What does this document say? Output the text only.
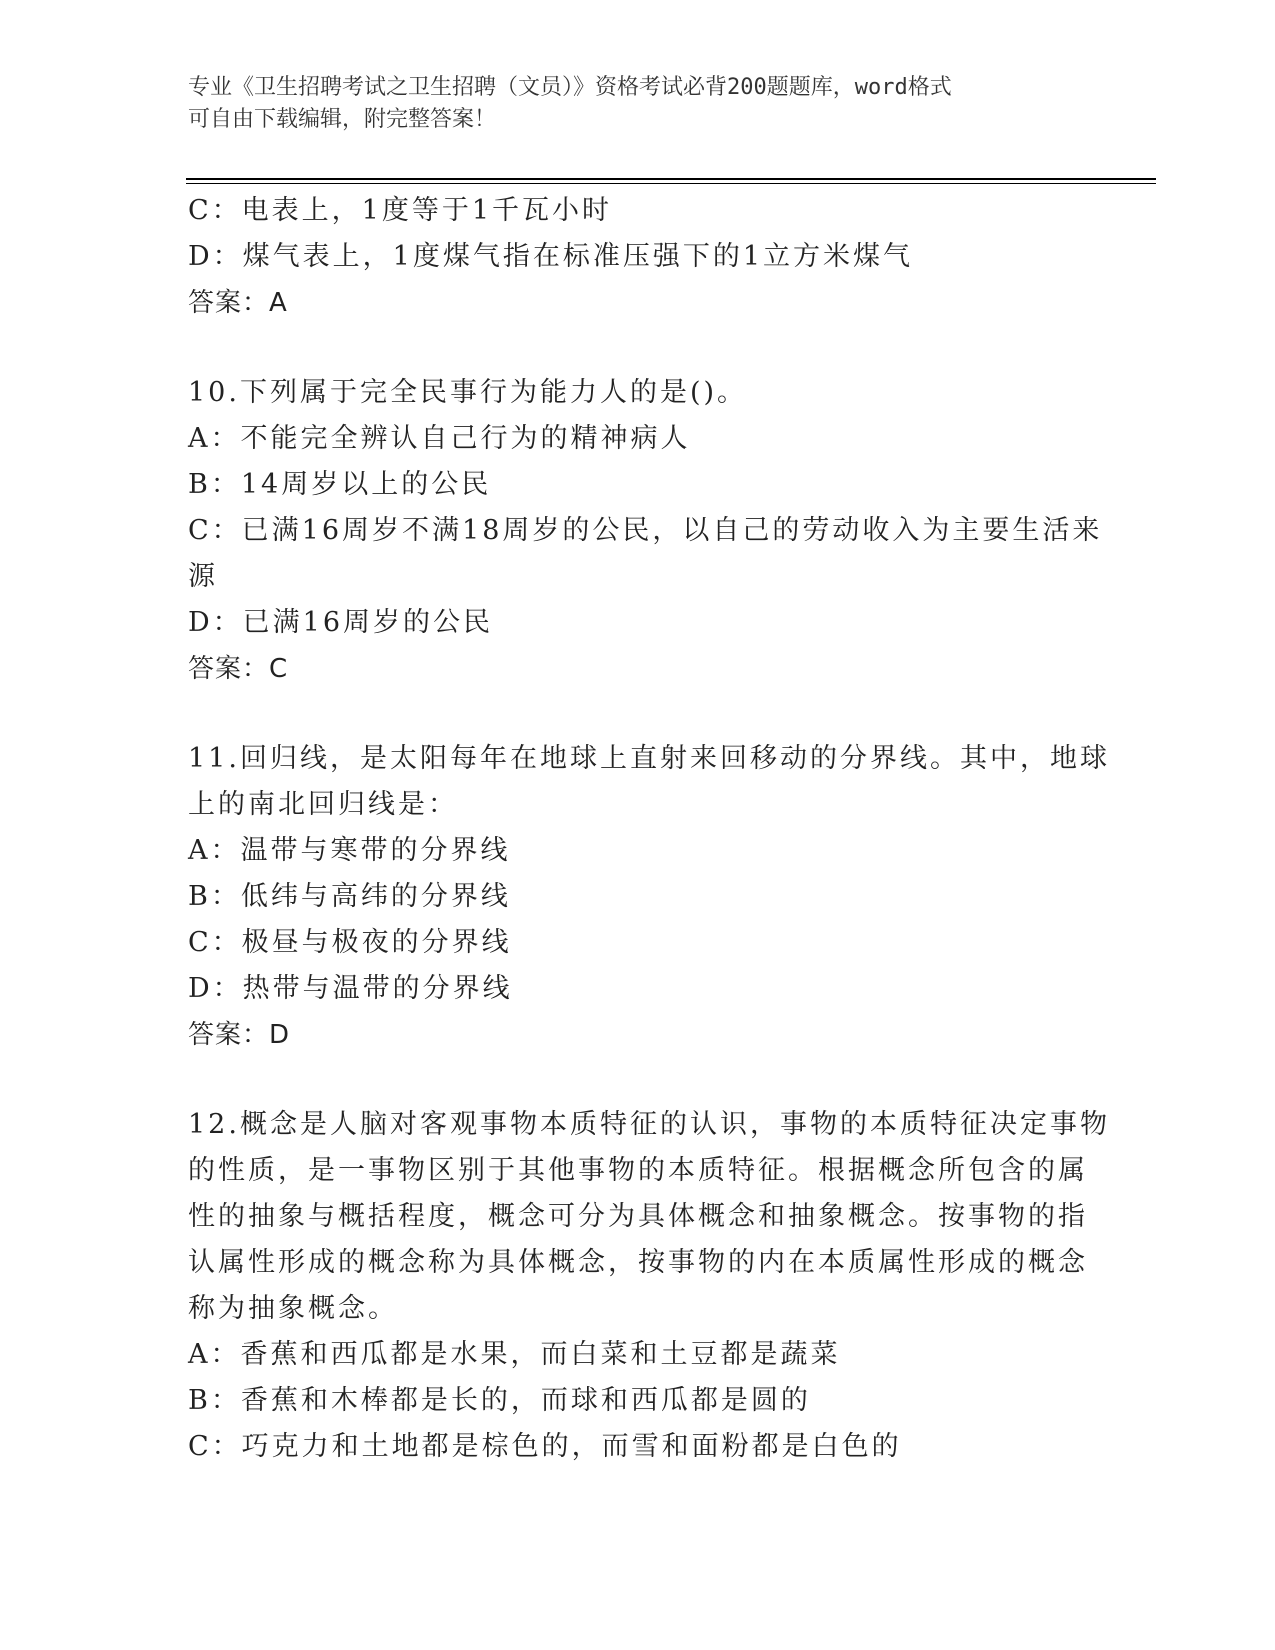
专业《卫生招聘考试之卫生招聘（文员）》资格考试必背200题题库，word格式
可自由下载编辑，附完整答案！
C：电表上，1度等于1千瓦小时
D：煤气表上，1度煤气指在标准压强下的1立方米煤气
答案：A
10.下列属于完全民事行为能力人的是()。
A：不能完全辨认自己行为的精神病人
B：14周岁以上的公民
C：已满16周岁不满18周岁的公民，以自己的劳动收入为主要生活来
源
D：已满16周岁的公民
答案：C
11.回归线，是太阳每年在地球上直射来回移动的分界线。其中，地球
上的南北回归线是：
A：温带与寒带的分界线
B：低纬与高纬的分界线
C：极昼与极夜的分界线
D：热带与温带的分界线
答案：D
12.概念是人脑对客观事物本质特征的认识，事物的本质特征决定事物
的性质，是一事物区别于其他事物的本质特征。根据概念所包含的属
性的抽象与概括程度，概念可分为具体概念和抽象概念。按事物的指
认属性形成的概念称为具体概念，按事物的内在本质属性形成的概念
称为抽象概念。
A：香蕉和西瓜都是水果，而白菜和土豆都是蔬菜
B：香蕉和木棒都是长的，而球和西瓜都是圆的
C：巧克力和土地都是棕色的，而雪和面粉都是白色的
